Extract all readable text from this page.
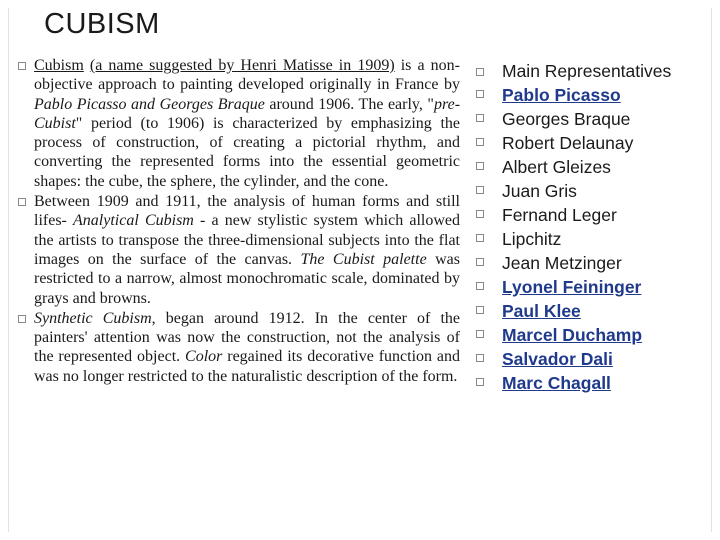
CUBISM

Cubism (a name suggested by Henri Matisse in 1909) is a non-objective approach to painting developed originally in France by Pablo Picasso and Georges Braque around 1906. The early, "pre-Cubist" period (to 1906) is characterized by emphasizing the process of construction, of creating a pictorial rhythm, and converting the represented forms into the essential geometric shapes: the cube, the sphere, the cylinder, and the cone.

Between 1909 and 1911, the analysis of human forms and still lifes- Analytical Cubism - a new stylistic system which allowed the artists to transpose the three-dimensional subjects into the flat images on the surface of the canvas. The Cubist palette was restricted to a narrow, almost monochromatic scale, dominated by grays and browns.

Synthetic Cubism, began around 1912. In the center of the painters' attention was now the construction, not the analysis of the represented object. Color regained its decorative function and was no longer restricted to the naturalistic description of the form.

Main Representatives
Pablo Picasso
Georges Braque
Robert Delaunay
Albert Gleizes
Juan Gris
Fernand Leger
Lipchitz
Jean Metzinger
Lyonel Feininger
Paul Klee
Marcel Duchamp
Salvador Dali
Marc Chagall
